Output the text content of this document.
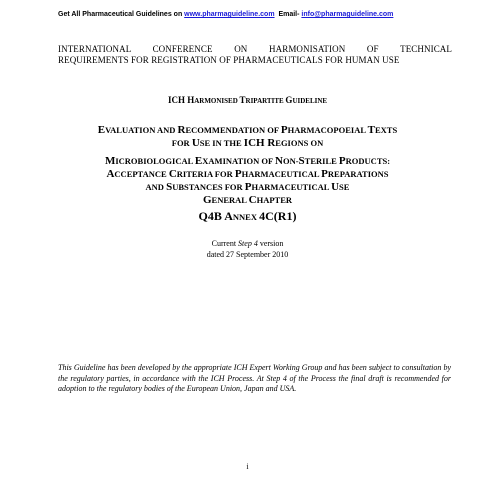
Get All Pharmaceutical Guidelines on www.pharmaguideline.com Email- info@pharmaguideline.com
INTERNATIONAL CONFERENCE ON HARMONISATION OF TECHNICAL
REQUIREMENTS FOR REGISTRATION OF PHARMACEUTICALS FOR HUMAN USE
ICH HARMONISED TRIPARTITE GUIDELINE
EVALUATION AND RECOMMENDATION OF PHARMACOPOEIAL TEXTS
FOR USE IN THE ICH REGIONS ON
MICROBIOLOGICAL EXAMINATION OF NON-STERILE PRODUCTS:
ACCEPTANCE CRITERIA FOR PHARMACEUTICAL PREPARATIONS
AND SUBSTANCES FOR PHARMACEUTICAL USE
GENERAL CHAPTER
Q4B ANNEX 4C(R1)
Current Step 4 version
dated 27 September 2010
This Guideline has been developed by the appropriate ICH Expert Working Group and has been subject to consultation by the regulatory parties, in accordance with the ICH Process. At Step 4 of the Process the final draft is recommended for adoption to the regulatory bodies of the European Union, Japan and USA.
i
